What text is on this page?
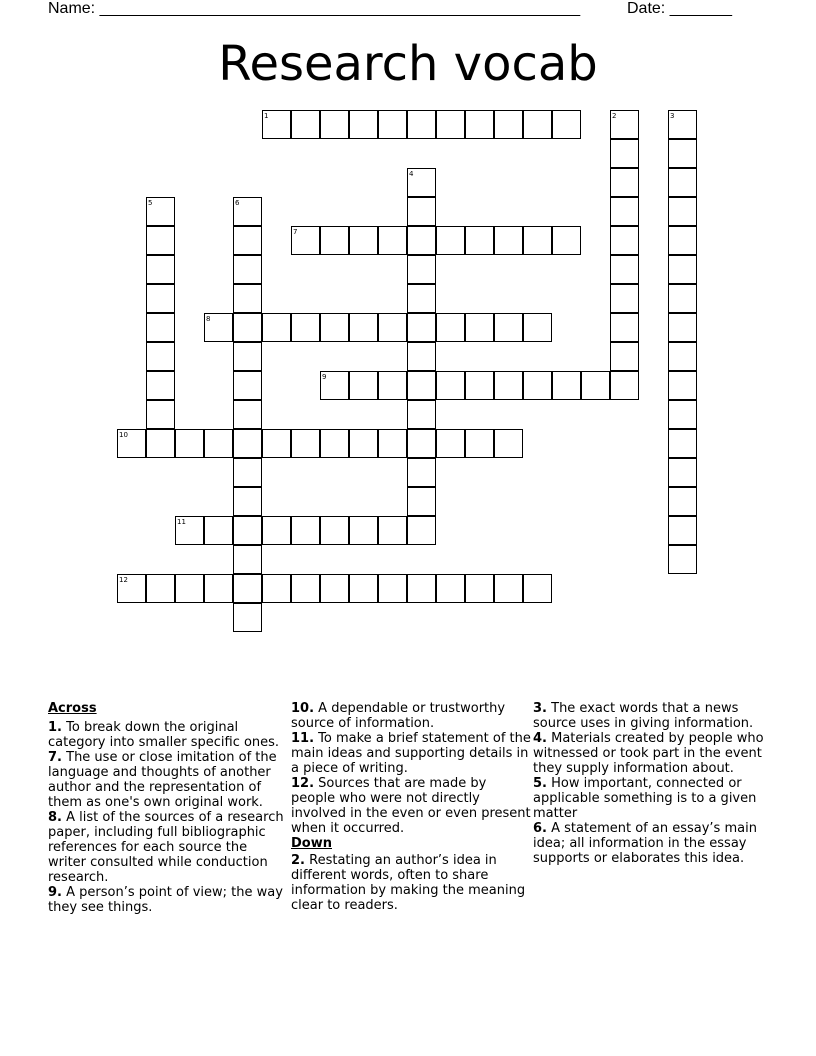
Name: ______________________________________________________	Date: _______
Research vocab
1	2	3
4
5	6
7
8
9
10
11
12
Across
1. To break down the original category into smaller specific ones.
7. The use or close imitation of the language and thoughts of another author and the representation of them as one's own original work.
8. A list of the sources of a research paper, including full bibliographic references for each source the writer consulted while conduction research.
9. A person’s point of view; the way they see things.
10. A dependable or trustworthy source of information.
11. To make a brief statement of the main ideas and supporting details in a piece of writing.
12. Sources that are made by people who were not directly involved in the even or even present when it occurred.
Down
2. Restating an author’s idea in different words, often to share information by making the meaning clear to readers.
3. The exact words that a news source uses in giving information.
4. Materials created by people who witnessed or took part in the event they supply information about.
5. How important, connected or applicable something is to a given matter
6. A statement of an essay’s main idea; all information in the essay supports or elaborates this idea.
